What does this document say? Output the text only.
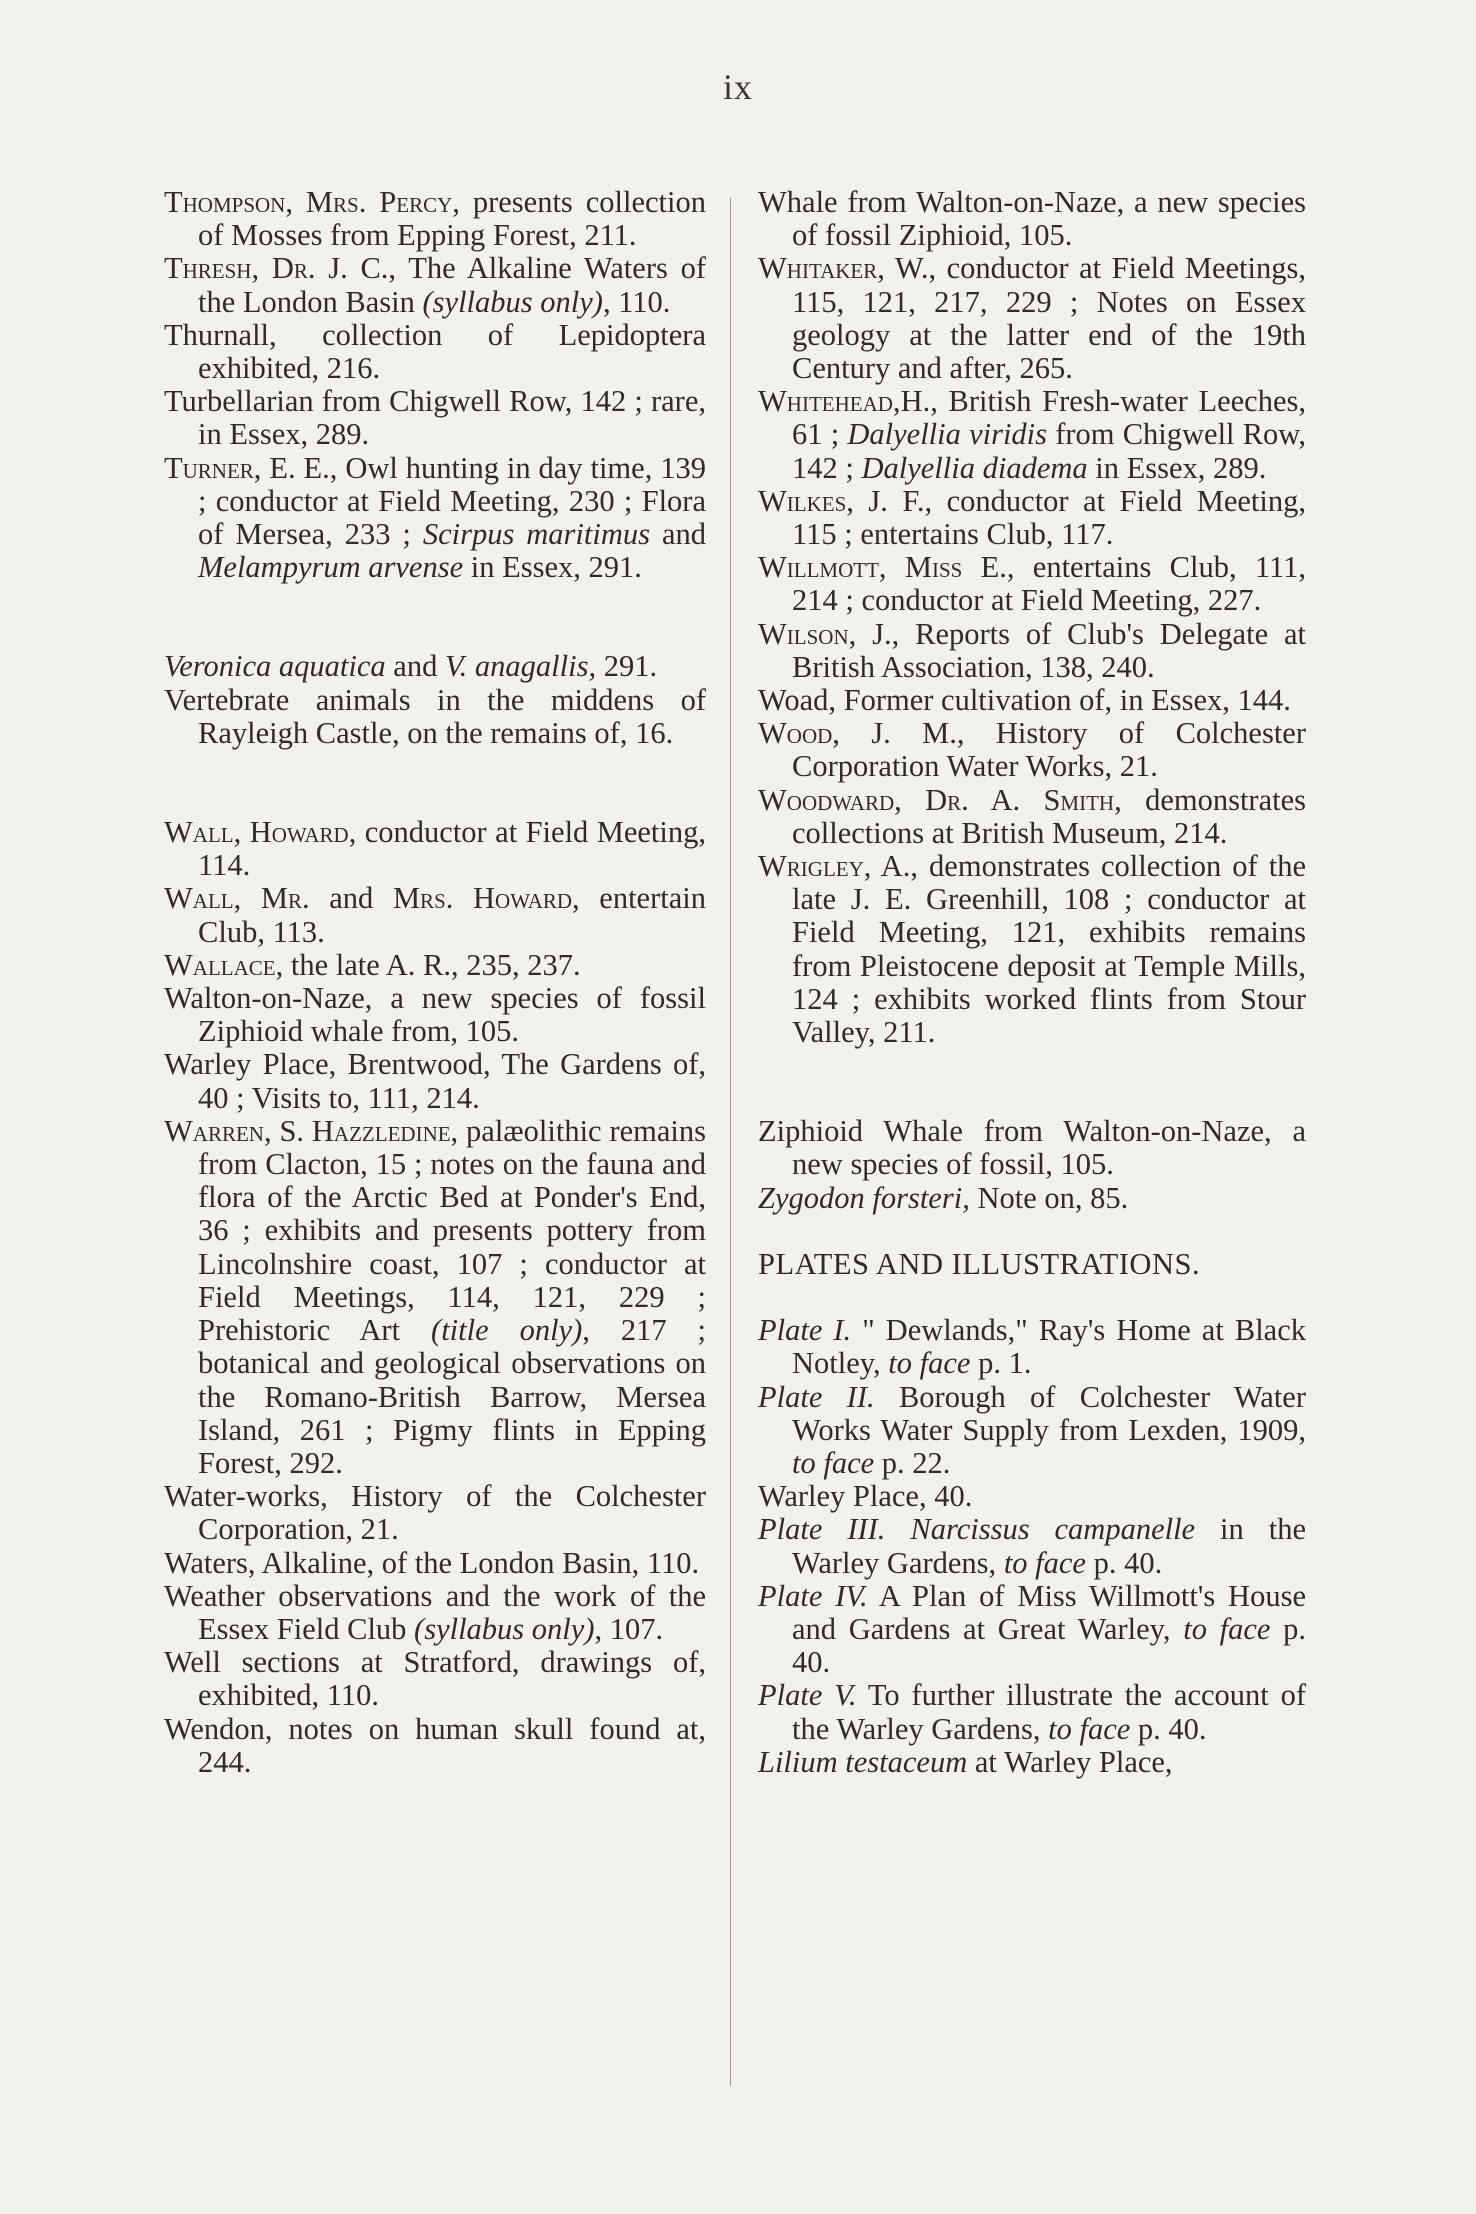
ix

Thompson, Mrs. Percy, presents collection of Mosses from Epping Forest, 211.

Thresh, Dr. J. C., The Alkaline Waters of the London Basin (syllabus only), 110.

Thurnall, collection of Lepidoptera exhibited, 216.

Turbellarian from Chigwell Row, 142 ; rare, in Essex, 289.

Turner, E. E., Owl hunting in day time, 139 ; conductor at Field Meeting, 230 ; Flora of Mersea, 233 ; Scirpus maritimus and Melampyrum arvense in Essex, 291.

Veronica aquatica and V. anagallis, 291.

Vertebrate animals in the middens of Rayleigh Castle, on the remains of, 16.

Wall, Howard, conductor at Field Meeting, 114.

Wall, Mr. and Mrs. Howard, entertain Club, 113.

Wallace, the late A. R., 235, 237.

Walton-on-Naze, a new species of fossil Ziphioid whale from, 105.

Warley Place, Brentwood, The Gardens of, 40 ; Visits to, 111, 214.

Warren, S. Hazzledine, palæolithic remains from Clacton, 15 ; notes on the fauna and flora of the Arctic Bed at Ponder's End, 36 ; exhibits and presents pottery from Lincolnshire coast, 107 ; conductor at Field Meetings, 114, 121, 229 ; Prehistoric Art (title only), 217 ; botanical and geological observations on the Romano-British Barrow, Mersea Island, 261 ; Pigmy flints in Epping Forest, 292.

Water-works, History of the Colchester Corporation, 21.

Waters, Alkaline, of the London Basin, 110.

Weather observations and the work of the Essex Field Club (syllabus only), 107.

Well sections at Stratford, drawings of, exhibited, 110.

Wendon, notes on human skull found at, 244.

Whale from Walton-on-Naze, a new species of fossil Ziphioid, 105.

Whitaker, W., conductor at Field Meetings, 115, 121, 217, 229 ; Notes on Essex geology at the latter end of the 19th Century and after, 265.

Whitehead,H., British Fresh-water Leeches, 61 ; Dalyellia viridis from Chigwell Row, 142 ; Dalyellia diadema in Essex, 289.

Wilkes, J. F., conductor at Field Meeting, 115 ; entertains Club, 117.

Willmott, Miss E., entertains Club, 111, 214 ; conductor at Field Meeting, 227.

Wilson, J., Reports of Club's Delegate at British Association, 138, 240.

Woad, Former cultivation of, in Essex, 144.

Wood, J. M., History of Colchester Corporation Water Works, 21.

Woodward, Dr. A. Smith, demonstrates collections at British Museum, 214.

Wrigley, A., demonstrates collection of the late J. E. Greenhill, 108 ; conductor at Field Meeting, 121, exhibits remains from Pleistocene deposit at Temple Mills, 124 ; exhibits worked flints from Stour Valley, 211.

Ziphioid Whale from Walton-on-Naze, a new species of fossil, 105.

Zygodon forsteri, Note on, 85.

PLATES AND ILLUSTRATIONS.

Plate I. " Dewlands," Ray's Home at Black Notley, to face p. 1.

Plate II. Borough of Colchester Water Works Water Supply from Lexden, 1909, to face p. 22.

Warley Place, 40.

Plate III. Narcissus campanelle in the Warley Gardens, to face p. 40.

Plate IV. A Plan of Miss Willmott's House and Gardens at Great Warley, to face p. 40.

Plate V. To further illustrate the account of the Warley Gardens, to face p. 40.

Lilium testaceum at Warley Place,
